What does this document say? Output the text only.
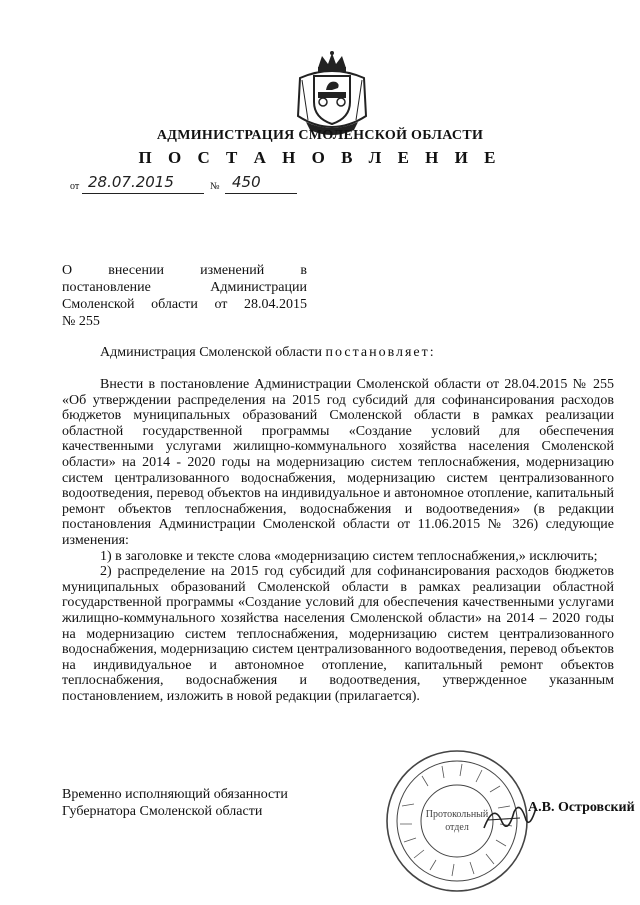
АДМИНИСТРАЦИЯ СМОЛЕНСКОЙ ОБЛАСТИ
П О С Т А Н О В Л Е Н И Е
от 28.07.2015	№ 450
О внесении изменений в
постановление Администрации
Смоленской области от 28.04.2015
№ 255
Администрация Смоленской области постановляет:

Внести в постановление Администрации Смоленской области от 28.04.2015 № 255 «Об утверждении распределения на 2015 год субсидий для софинансирования расходов бюджетов муниципальных образований Смоленской области в рамках реализации областной государственной программы «Создание условий для обеспечения качественными услугами жилищно-коммунального хозяйства населения Смоленской области» на 2014 - 2020 годы на модернизацию систем теплоснабжения, модернизацию систем централизованного водоснабжения, модернизацию систем централизованного водоотведения, перевод объектов на индивидуальное и автономное отопление, капитальный ремонт объектов теплоснабжения, водоснабжения и водоотведения» (в редакции постановления Администрации Смоленской области от 11.06.2015 № 326) следующие изменения:

1) в заголовке и тексте слова «модернизацию систем теплоснабжения,» исключить;

2) распределение на 2015 год субсидий для софинансирования расходов бюджетов муниципальных образований Смоленской области в рамках реализации областной государственной программы «Создание условий для обеспечения качественными услугами жилищно-коммунального хозяйства населения Смоленской области» на 2014 – 2020 годы на модернизацию систем теплоснабжения, модернизацию систем централизованного водоснабжения, модернизацию систем централизованного водоотведения, перевод объектов на индивидуальное и автономное отопление, капитальный ремонт объектов теплоснабжения, водоснабжения и водоотведения, утвержденное указанным постановлением, изложить в новой редакции (прилагается).

Временно исполняющий обязанности
Губернатора Смоленской области	Протокольный
отдел
А.В. Островский
